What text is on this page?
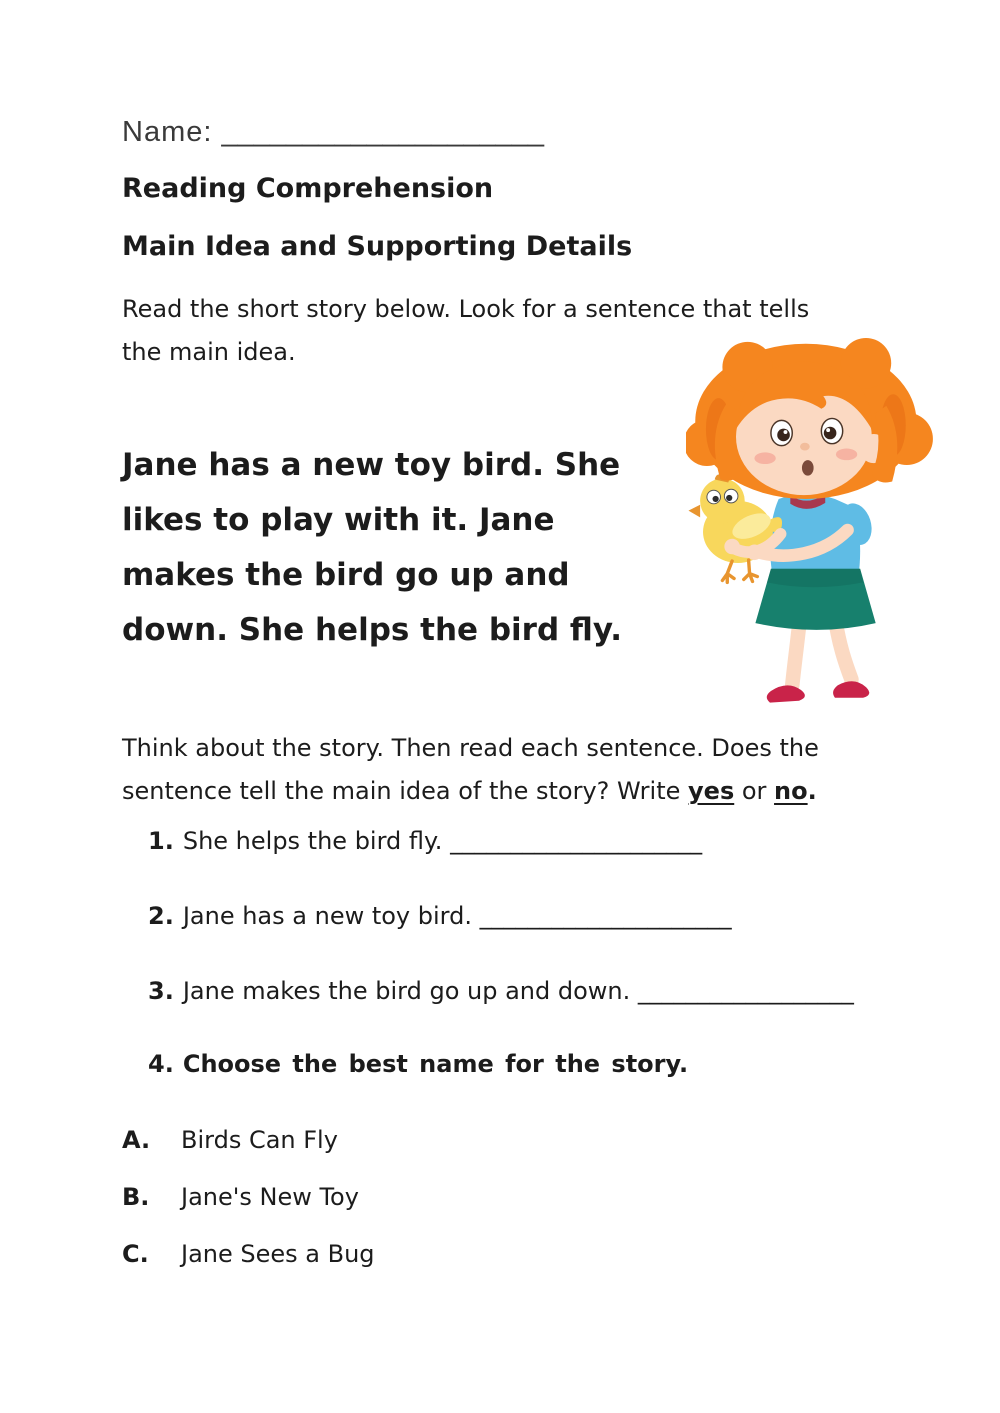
Name: ____________________
Reading Comprehension
Main Idea and Supporting Details
Read the short story below. Look for a sentence that tells
the main idea.
Jane has a new toy bird. She
likes to play with it. Jane
makes the bird go up and
down. She helps the bird fly.
Think about the story. Then read each sentence. Does the
sentence tell the main idea of the story? Write yes or no.
1. She helps the bird fly. _____________________
2. Jane has a new toy bird. _____________________
3. Jane makes the bird go up and down. __________________
4. Choose the best name for the story.
A. Birds Can Fly
B. Jane's New Toy
C. Jane Sees a Bug
